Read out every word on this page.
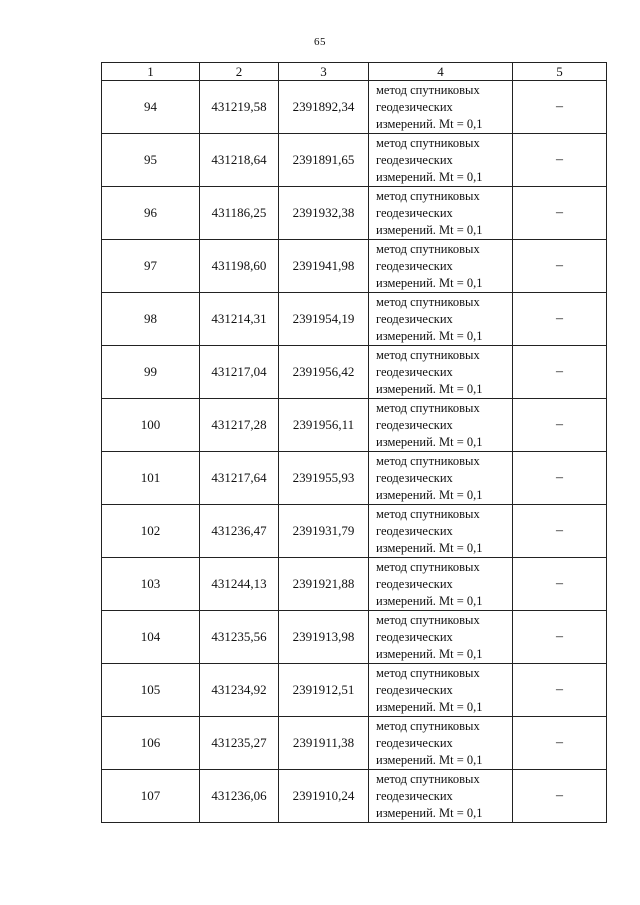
65
1	2	3	4	5
94	431219,58	2391892,34	метод спутниковых
геодезических
измерений. Mt = 0,1	–
95	431218,64	2391891,65	метод спутниковых
геодезических
измерений. Mt = 0,1	–
96	431186,25	2391932,38	метод спутниковых
геодезических
измерений. Mt = 0,1	–
97	431198,60	2391941,98	метод спутниковых
геодезических
измерений. Mt = 0,1	–
98	431214,31	2391954,19	метод спутниковых
геодезических
измерений. Mt = 0,1	–
99	431217,04	2391956,42	метод спутниковых
геодезических
измерений. Mt = 0,1	–
100	431217,28	2391956,11	метод спутниковых
геодезических
измерений. Mt = 0,1	–
101	431217,64	2391955,93	метод спутниковых
геодезических
измерений. Mt = 0,1	–
102	431236,47	2391931,79	метод спутниковых
геодезических
измерений. Mt = 0,1	–
103	431244,13	2391921,88	метод спутниковых
геодезических
измерений. Mt = 0,1	–
104	431235,56	2391913,98	метод спутниковых
геодезических
измерений. Mt = 0,1	–
105	431234,92	2391912,51	метод спутниковых
геодезических
измерений. Mt = 0,1	–
106	431235,27	2391911,38	метод спутниковых
геодезических
измерений. Mt = 0,1	–
107	431236,06	2391910,24	метод спутниковых
геодезических
измерений. Mt = 0,1	–
